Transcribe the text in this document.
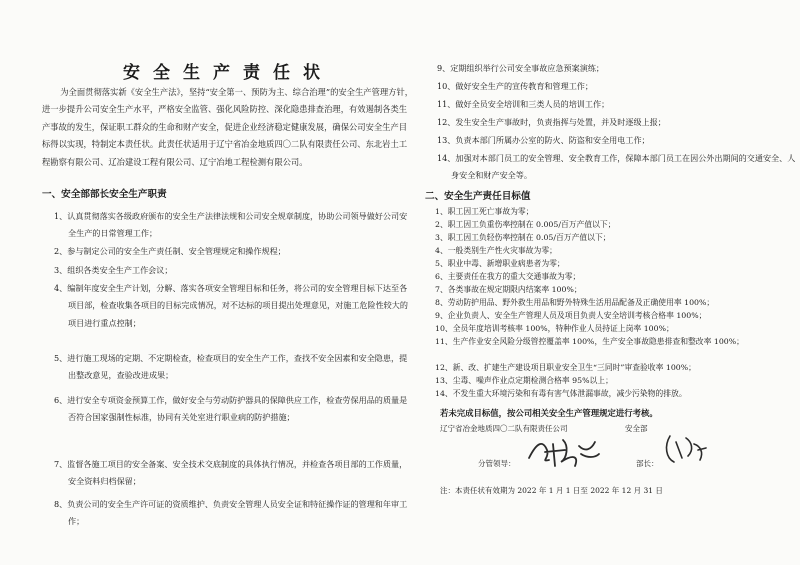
安全生产责任状
为全面贯彻落实新《安全生产法》，坚持“安全第一、预防为主、综合治理”的安全生产管理方针，进一步提升公司安全生产水平，严格安全监管、强化风险防控、深化隐患排查治理，有效遏制各类生产事故的发生，保证职工群众的生命和财产安全，促进企业经济稳定健康发展，确保公司安全生产目标得以实现，特制定本责任状。此责任状适用于辽宁省冶金地质四〇二队有限责任公司、东北岩土工程勘察有限公司、辽冶建设工程有限公司、辽宁冶地工程检测有限公司。
一、安全部部长安全生产职责
1、认真贯彻落实各级政府颁布的安全生产法律法规和公司安全规章制度，协助公司领导做好公司安全生产的日常管理工作；
2、参与制定公司的安全生产责任制、安全管理规定和操作规程；
3、组织各类安全生产工作会议；
4、编制年度安全生产计划，分解、落实各项安全管理目标和任务，将公司的安全管理目标下达至各项目部，检查收集各项目的目标完成情况，对不达标的项目提出处理意见，对施工危险性较大的项目进行重点控制；
5、进行施工现场的定期、不定期检查，检查项目的安全生产工作，查找不安全因素和安全隐患，提出整改意见，查验改进成果；
6、进行安全专项资金预算工作，做好安全与劳动防护器具的保障供应工作，检查劳保用品的质量是否符合国家强制性标准，协同有关处室进行职业病的防护措施；
7、监督各施工项目的安全备案、安全技术交底制度的具体执行情况，并检查各项目部的工作质量，安全资料归档保留；
8、负责公司的安全生产许可证的资质维护、负责安全管理人员安全证和特征操作证的管理和年审工作；
9、定期组织举行公司安全事故应急预案演练；
10、做好安全生产的宣传教育和管理工作；
11、做好全员安全培训和三类人员的培训工作；
12、发生安全生产事故时，负责指挥与处置，并及时逐级上报；
13、负责本部门所属办公室的防火、防盗和安全用电工作；
14、加强对本部门员工的安全管理、安全教育工作，保障本部门员工在因公外出期间的交通安全、人身安全和财产安全等。
二、安全生产责任目标值
1、职工因工死亡事故为零；
2、职工因工负重伤率控制在 0.005/百万产值以下；
3、职工因工负轻伤率控制在 0.05/百万产值以下；
4、一般类别生产性火灾事故为零；
5、职业中毒、新增职业病患者为零；
6、主要责任在我方的重大交通事故为零；
7、各类事故在规定期限内结案率 100%；
8、劳动防护用品、野外救生用品和野外特殊生活用品配备及正确使用率 100%；
9、企业负责人、安全生产管理人员及项目负责人安全培训考核合格率 100%；
10、全员年度培训考核率 100%，特种作业人员持证上岗率 100%；
11、生产作业安全风险分级管控覆盖率 100%，生产安全事故隐患排查和整改率 100%；
12、新、改、扩建生产建设项目职业安全卫生“三同时”审查验收率 100%；
13、尘毒、噪声作业点定期检测合格率 95%以上；
14、不发生重大环境污染和有毒有害气体泄漏事故，减少污染物的排放。
若未完成目标值，按公司相关安全生产管理规定进行考核。
辽宁省冶金地质四〇二队有限责任公司	安全部
分管领导：	部长：
注：本责任状有效期为 2022 年 1 月 1 日至 2022 年 12 月 31 日
